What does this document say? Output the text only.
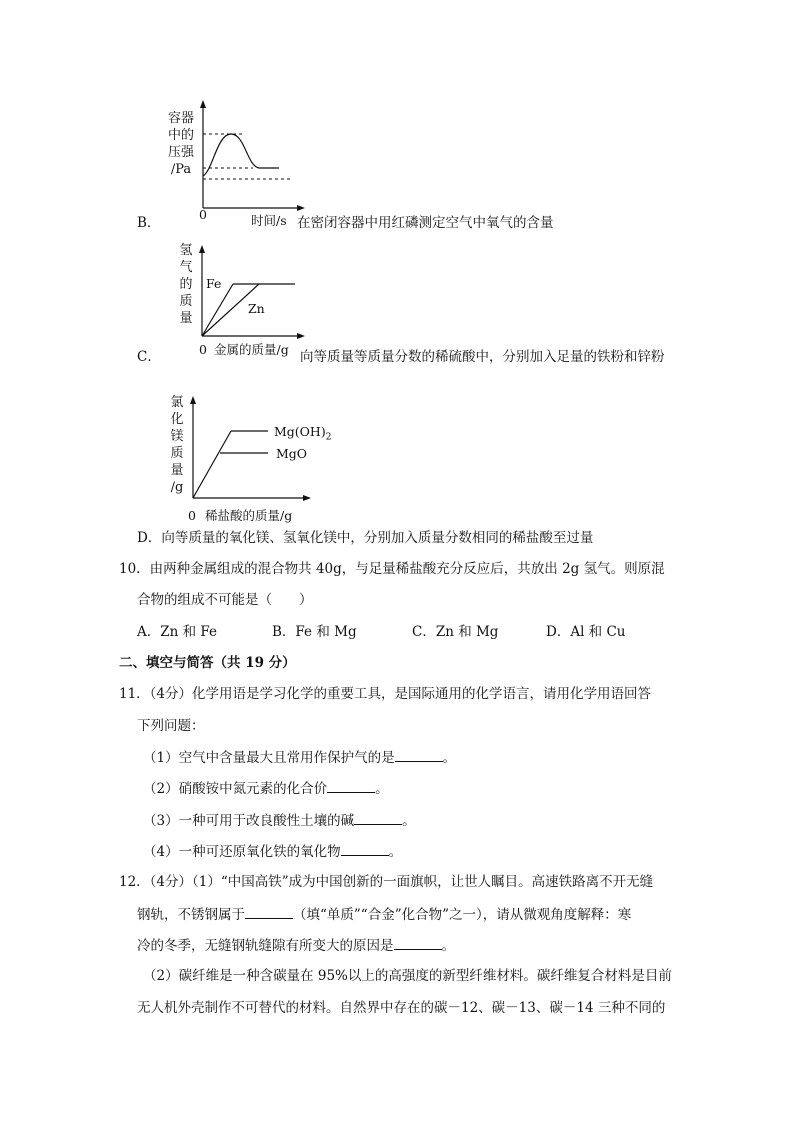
容器
中的
压强
/Pa
0	时间/s
B．	在密闭容器中用红磷测定空气中氧气的含量
氢
气
的
质
量
Fe
Zn
0 金属的质量/g
C．	向等质量等质量分数的稀硫酸中，分别加入足量的铁粉和锌粉
氯
化
镁
质
量
/g
$Mg(OH)_2$
MgO
0 稀盐酸的质量/g
D．向等质量的氧化镁、氢氧化镁中，分别加入质量分数相同的稀盐酸至过量
10．由两种金属组成的混合物共 40g，与足量稀盐酸充分反应后，共放出 2g 氢气。则原混
合物的组成不可能是（　　）
A．Zn 和 Fe	B．Fe 和 Mg	C．Zn 和 Mg	D．Al 和 Cu
二、填空与简答（共 19 分）
11．（4分）化学用语是学习化学的重要工具，是国际通用的化学语言，请用化学用语回答
下列问题：
（1）空气中含量最大且常用作保护气的是	。
（2）硝酸铵中氮元素的化合价	。
（3）一种可用于改良酸性土壤的碱	。
（4）一种可还原氧化铁的氧化物	。
12．（4分）（1）“中国高铁”成为中国创新的一面旗帜，让世人瞩目。高速铁路离不开无缝
钢轨，不锈钢属于	（填“单质”“合金”化合物”之一），请从微观角度解释：寒
冷的冬季，无缝钢轨缝隙有所变大的原因是	。
（2）碳纤维是一种含碳量在 95%以上的高强度的新型纤维材料。碳纤维复合材料是目前
无人机外壳制作不可替代的材料。自然界中存在的碳－12、碳－13、碳－14 三种不同的
